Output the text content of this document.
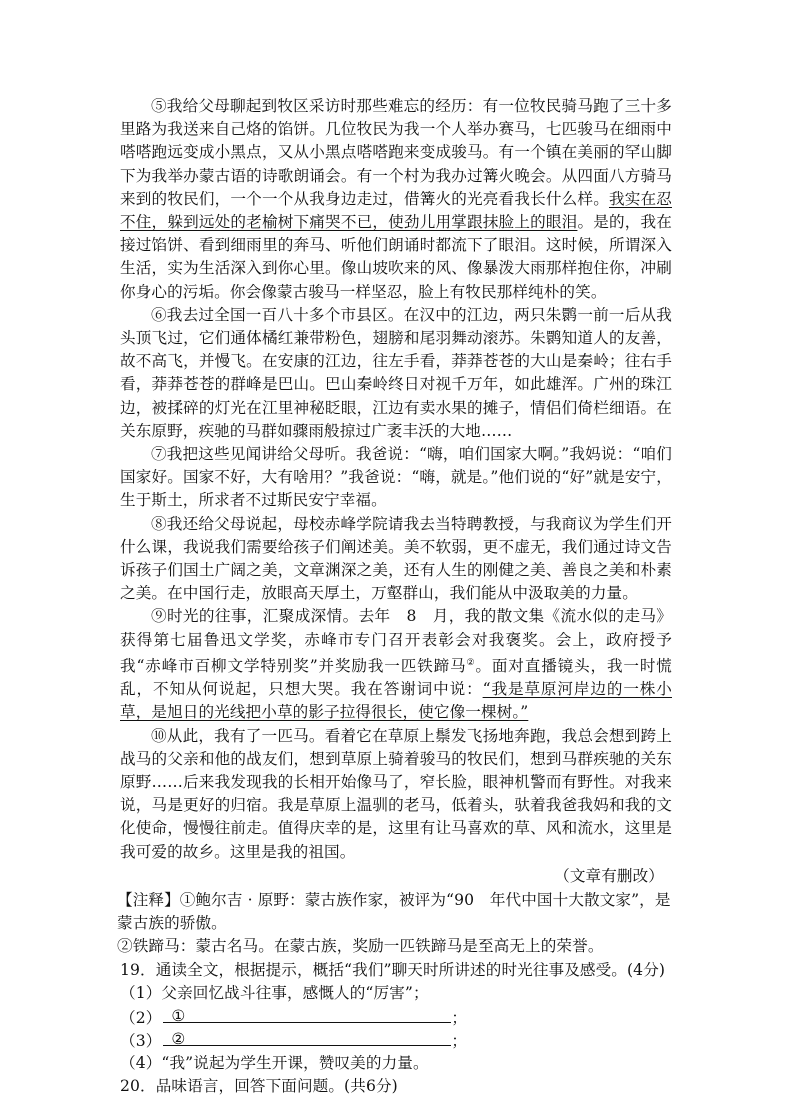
⑤我给父母聊起到牧区采访时那些难忘的经历：有一位牧民骑马跑了三十多里路为我送来自己烙的馅饼。几位牧民为我一个人举办赛马，七匹骏马在细雨中嗒嗒跑远变成小黑点，又从小黑点嗒嗒跑来变成骏马。有一个镇在美丽的罕山脚下为我举办蒙古语的诗歌朗诵会。有一个村为我办过篝火晚会。从四面八方骑马来到的牧民们，一个一个从我身边走过，借篝火的光亮看我长什么样。我实在忍不住，躲到远处的老榆树下痛哭不已，使劲儿用掌跟抹脸上的眼泪。是的，我在接过馅饼、看到细雨里的奔马、听他们朗诵时都流下了眼泪。这时候，所谓深入生活，实为生活深入到你心里。像山坡吹来的风、像暴泼大雨那样抱住你，冲刷你身心的污垢。你会像蒙古骏马一样坚忍，脸上有牧民那样纯朴的笑。

⑥我去过全国一百八十多个市县区。在汉中的江边，两只朱鹮一前一后从我头顶飞过，它们通体橘红兼带粉色，翅膀和尾羽舞动滚苏。朱鹮知道人的友善，故不高飞，并慢飞。在安康的江边，往左手看，莽莽苍苍的大山是秦岭；往右手看，莽莽苍苍的群峰是巴山。巴山秦岭终日对视千万年，如此雄浑。广州的珠江边，被揉碎的灯光在江里神秘眨眼，江边有卖水果的摊子，情侣们倚栏细语。在关东原野，疾驰的马群如骤雨般掠过广袤丰沃的大地……

⑦我把这些见闻讲给父母听。我爸说：“嗨，咱们国家大啊。”我妈说：“咱们国家好。国家不好，大有啥用？”我爸说：“嗨，就是。”他们说的“好”就是安宁，生于斯土，所求者不过斯民安宁幸福。

⑧我还给父母说起，母校赤峰学院请我去当特聘教授，与我商议为学生们开什么课，我说我们需要给孩子们阐述美。美不软弱，更不虚无，我们通过诗文告诉孩子们国土广阔之美，文章渊深之美，还有人生的刚健之美、善良之美和朴素之美。在中国行走，放眼高天厚土，万壑群山，我们能从中汲取美的力量。

⑨时光的往事，汇聚成深情。去年　8　月，我的散文集《流水似的走马》获得第七届鲁迅文学奖，赤峰市专门召开表彰会对我褒奖。会上，政府授予我“赤峰市百柳文学特别奖”并奖励我一匹铁蹄马②。面对直播镜头，我一时慌乱，不知从何说起，只想大哭。我在答谢词中说：“我是草原河岸边的一株小草，是旭日的光线把小草的影子拉得很长，使它像一棵树。”

⑩从此，我有了一匹马。看着它在草原上鬃发飞扬地奔跑，我总会想到跨上战马的父亲和他的战友们，想到草原上骑着骏马的牧民们，想到马群疾驰的关东原野……后来我发现我的长相开始像马了，窄长脸，眼神机警而有野性。对我来说，马是更好的归宿。我是草原上温驯的老马，低着头，驮着我爸我妈和我的文化使命，慢慢往前走。值得庆幸的是，这里有让马喜欢的草、风和流水，这里是我可爱的故乡。这里是我的祖国。

（文章有删改）

【注释】①鲍尔吉 · 原野：蒙古族作家，被评为“90　年代中国十大散文家”，是蒙古族的骄傲。

②铁蹄马：蒙古名马。在蒙古族，奖励一匹铁蹄马是至高无上的荣誉。

19．通读全文，根据提示，概括“我们”聊天时所讲述的时光往事及感受。(4分)

（1）父亲回忆战斗往事，感慨人的“厉害”；

（2） ①	；
（3） ②	；

（4）“我”说起为学生开课，赞叹美的力量。

20．品味语言，回答下面问题。(共6分)
